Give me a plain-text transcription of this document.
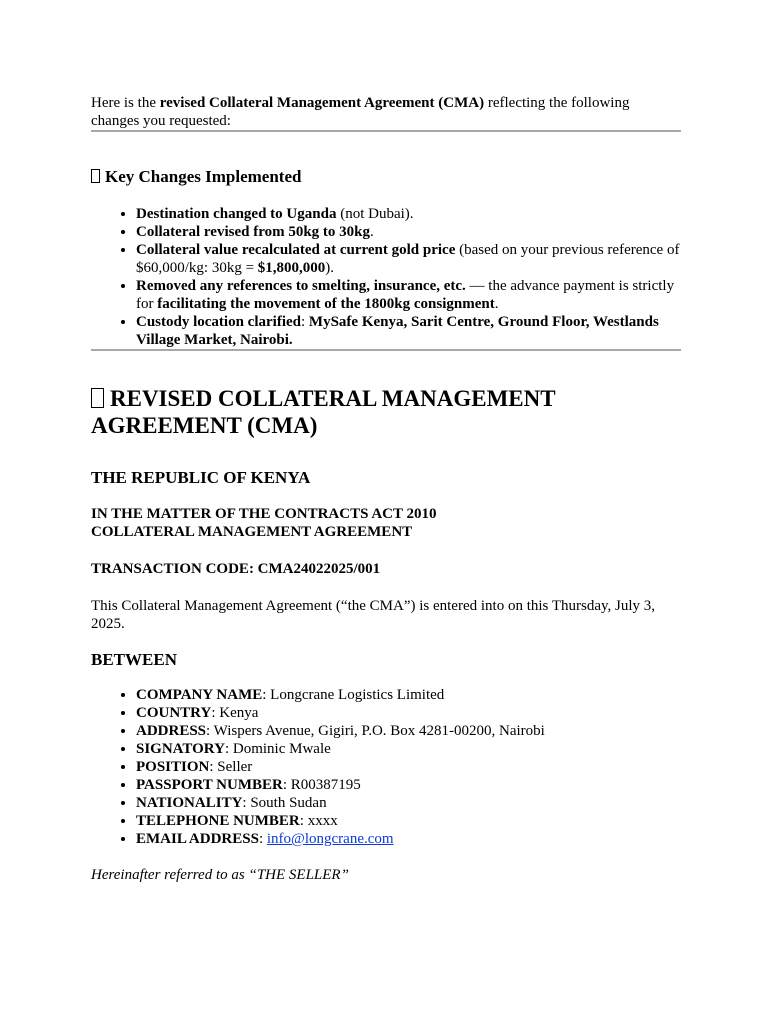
Here is the revised Collateral Management Agreement (CMA) reflecting the following changes you requested:

Key Changes Implemented
• Destination changed to Uganda (not Dubai).
• Collateral revised from 50kg to 30kg.
• Collateral value recalculated at current gold price (based on your previous reference of $60,000/kg: 30kg = $1,800,000).
• Removed any references to smelting, insurance, etc. — the advance payment is strictly for facilitating the movement of the 1800kg consignment.
• Custody location clarified: MySafe Kenya, Sarit Centre, Ground Floor, Westlands Village Market, Nairobi.
REVISED COLLATERAL MANAGEMENT AGREEMENT (CMA)
THE REPUBLIC OF KENYA

IN THE MATTER OF THE CONTRACTS ACT 2010
COLLATERAL MANAGEMENT AGREEMENT

TRANSACTION CODE: CMA24022025/001

This Collateral Management Agreement (“the CMA”) is entered into on this Thursday, July 3, 2025.

BETWEEN
• COMPANY NAME: Longcrane Logistics Limited
• COUNTRY: Kenya
• ADDRESS: Wispers Avenue, Gigiri, P.O. Box 4281-00200, Nairobi
• SIGNATORY: Dominic Mwale
• POSITION: Seller
• PASSPORT NUMBER: R00387195
• NATIONALITY: South Sudan
• TELEPHONE NUMBER: xxxx
• EMAIL ADDRESS: info@longcrane.com

Hereinafter referred to as “THE SELLER”
